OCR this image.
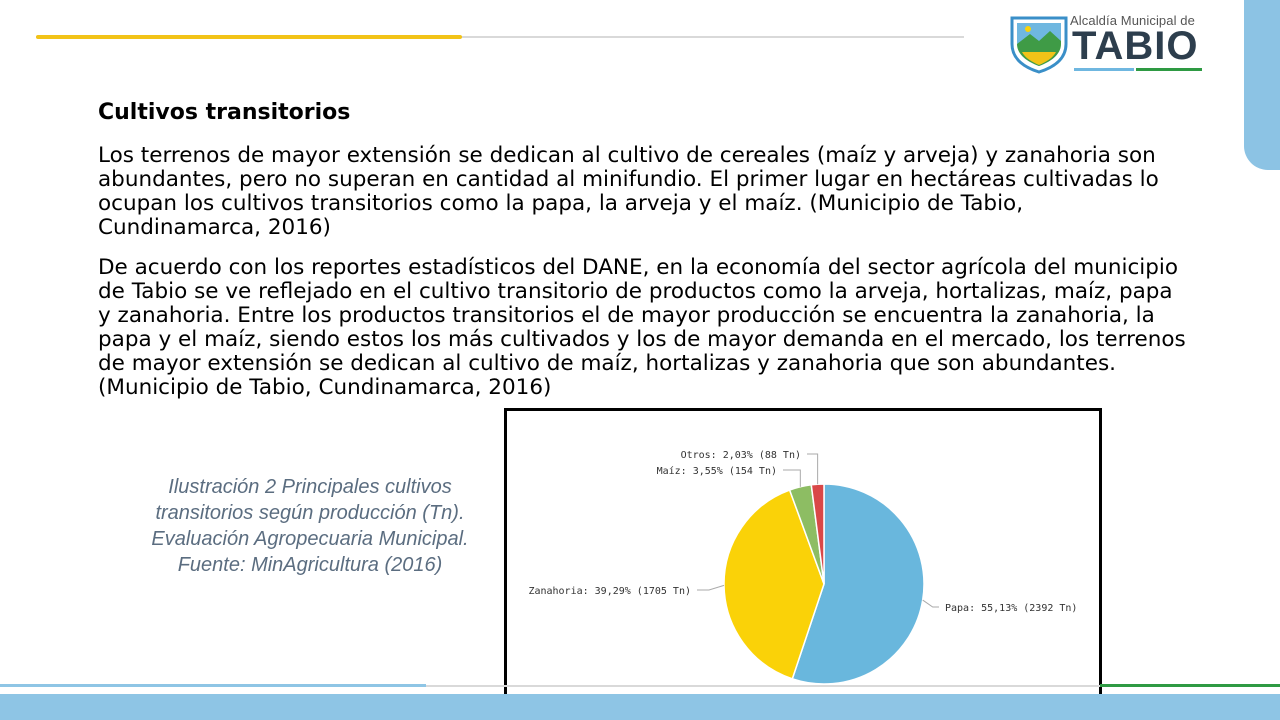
Alcaldía Municipal de
TABIO
Cultivos transitorios

Los terrenos de mayor extensión se dedican al cultivo de cereales (maíz y arveja) y zanahoria son abundantes, pero no superan en cantidad al minifundio. El primer lugar en hectáreas cultivadas lo ocupan los cultivos transitorios como la papa, la arveja y el maíz. (Municipio de Tabio, Cundinamarca, 2016)

De acuerdo con los reportes estadísticos del DANE, en la economía del sector agrícola del municipio de Tabio se ve reflejado en el cultivo transitorio de productos como la arveja, hortalizas, maíz, papa y zanahoria. Entre los productos transitorios el de mayor producción se encuentra la zanahoria, la papa y el maíz, siendo estos los más cultivados y los de mayor demanda en el mercado, los terrenos de mayor extensión se dedican al cultivo de maíz, hortalizas y zanahoria que son abundantes. (Municipio de Tabio, Cundinamarca, 2016)

Ilustración 2 Principales cultivos transitorios según producción (Tn). Evaluación Agropecuaria Municipal. Fuente: MinAgricultura (2016)
Papa: 55,13% (2392 Tn)
Zanahoria: 39,29% (1705 Tn)
Maíz: 3,55% (154 Tn)
Otros: 2,03% (88 Tn)
